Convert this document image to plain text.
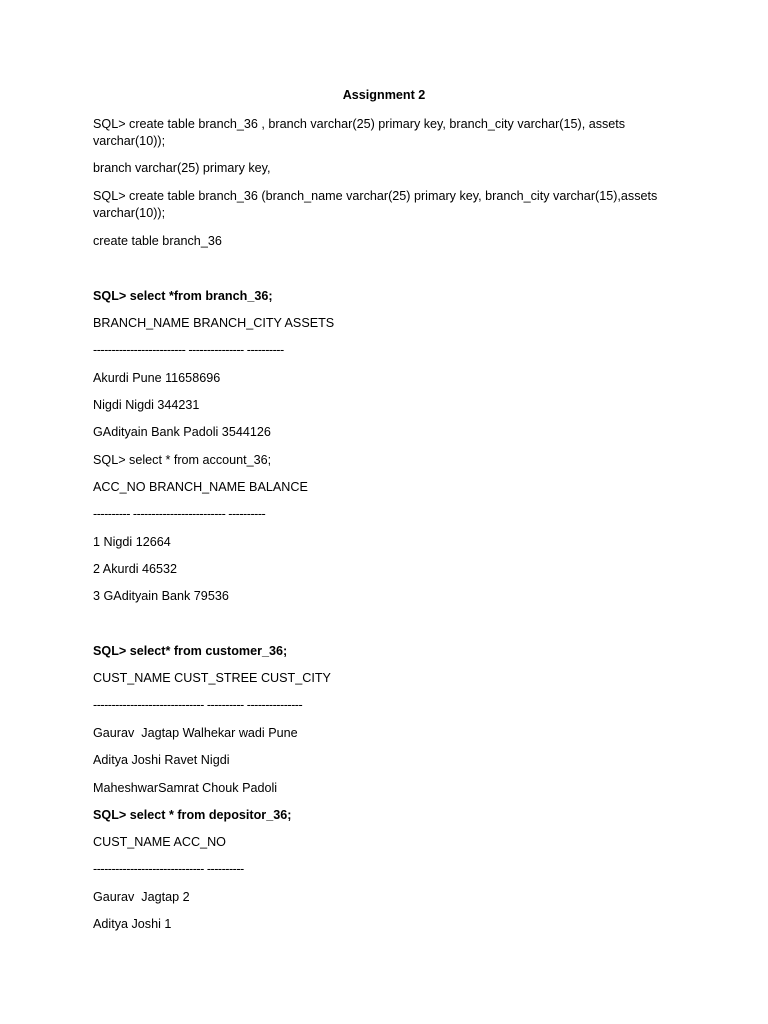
Assignment 2
SQL> create table branch_36 , branch varchar(25) primary key, branch_city varchar(15), assets varchar(10));
branch varchar(25) primary key,
SQL> create table branch_36 (branch_name varchar(25) primary key, branch_city varchar(15),assets varchar(10));
create table branch_36
SQL> select *from branch_36;
BRANCH_NAME BRANCH_CITY ASSETS
------------------------- --------------- ----------
Akurdi Pune 11658696
Nigdi Nigdi 344231
GAdityain Bank Padoli 3544126
SQL> select * from account_36;
ACC_NO BRANCH_NAME BALANCE
---------- ------------------------- ----------
1 Nigdi 12664
2 Akurdi 46532
3 GAdityain Bank 79536
SQL> select* from customer_36;
CUST_NAME CUST_STREE CUST_CITY
------------------------------ ---------- ---------------
Gaurav  Jagtap Walhekar wadi Pune
Aditya Joshi Ravet Nigdi
MaheshwarSamrat Chouk Padoli
SQL> select * from depositor_36;
CUST_NAME ACC_NO
------------------------------ ----------
Gaurav  Jagtap 2
Aditya Joshi 1
